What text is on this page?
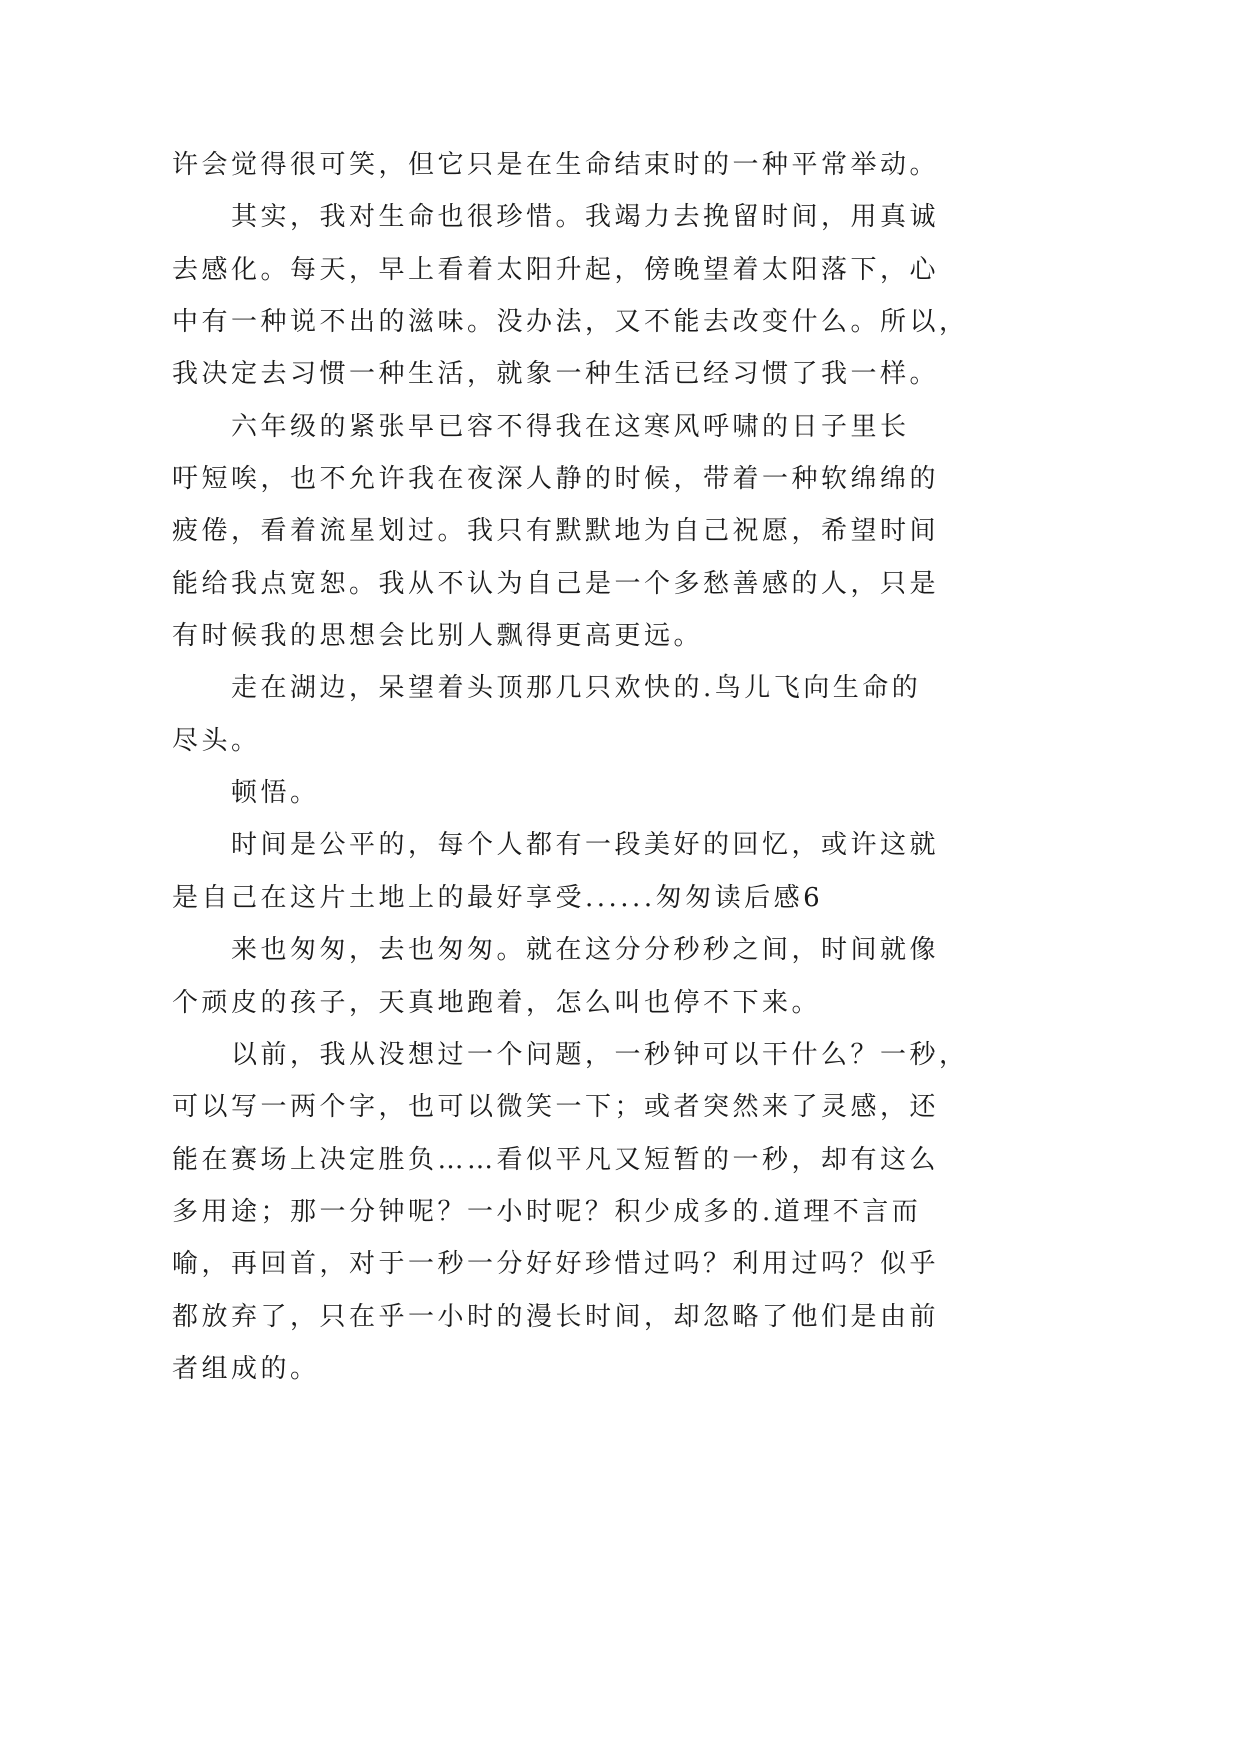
许会觉得很可笑，但它只是在生命结束时的一种平常举动。
其实，我对生命也很珍惜。我竭力去挽留时间，用真诚
去感化。每天，早上看着太阳升起，傍晚望着太阳落下，心
中有一种说不出的滋味。没办法，又不能去改变什么。所以，
我决定去习惯一种生活，就象一种生活已经习惯了我一样。
六年级的紧张早已容不得我在这寒风呼啸的日子里长
吁短唉，也不允许我在夜深人静的时候，带着一种软绵绵的
疲倦，看着流星划过。我只有默默地为自己祝愿，希望时间
能给我点宽恕。我从不认为自己是一个多愁善感的人，只是
有时候我的思想会比别人飘得更高更远。
走在湖边，呆望着头顶那几只欢快的.鸟儿飞向生命的
尽头。
顿悟。
时间是公平的，每个人都有一段美好的回忆，或许这就
是自己在这片土地上的最好享受......匆匆读后感6
来也匆匆，去也匆匆。就在这分分秒秒之间，时间就像
个顽皮的孩子，天真地跑着，怎么叫也停不下来。
以前，我从没想过一个问题，一秒钟可以干什么？一秒，
可以写一两个字，也可以微笑一下；或者突然来了灵感，还
能在赛场上决定胜负……看似平凡又短暂的一秒，却有这么
多用途；那一分钟呢？一小时呢？积少成多的.道理不言而
喻，再回首，对于一秒一分好好珍惜过吗？利用过吗？似乎
都放弃了，只在乎一小时的漫长时间，却忽略了他们是由前
者组成的。
